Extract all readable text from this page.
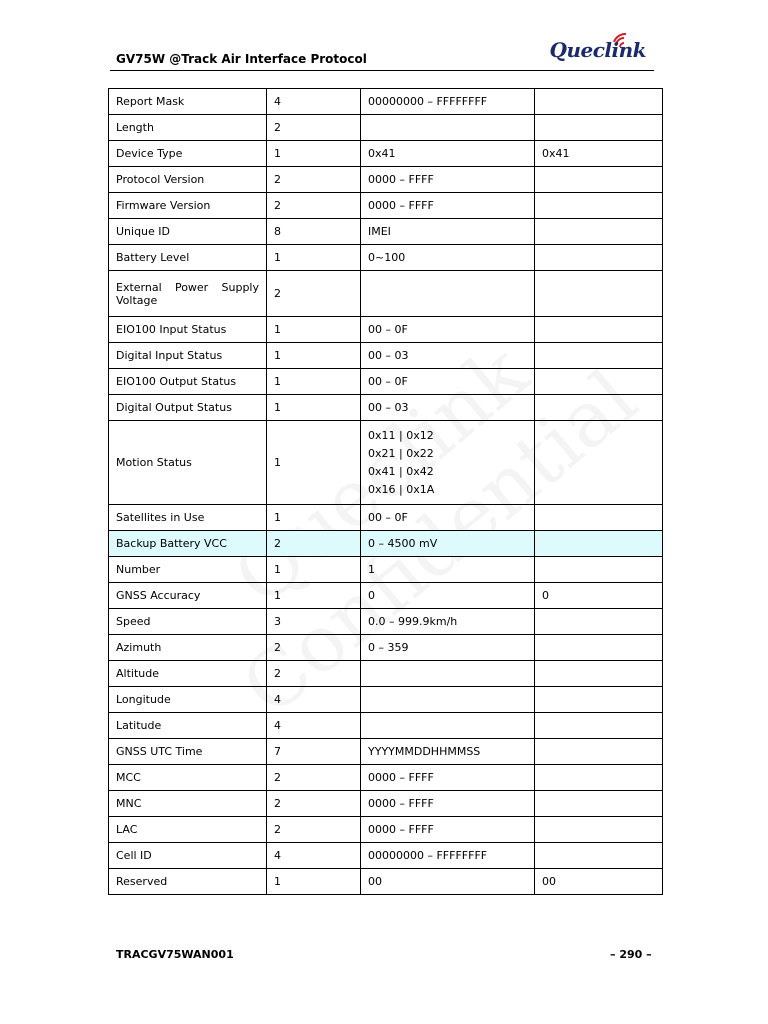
GV75W @Track Air Interface Protocol	Queclink
Report Mask	4	00000000 – FFFFFFFF	
Length	2		
Device Type	1	0x41	0x41
Protocol Version	2	0000 – FFFF	
Firmware Version	2	0000 – FFFF	
Unique ID	8	IMEI	
Battery Level	1	0~100	
External Power Supply Voltage	2		
EIO100 Input Status	1	00 – 0F	
Digital Input Status	1	00 – 03	
EIO100 Output Status	1	00 – 0F	
Digital Output Status	1	00 – 03	
Motion Status	1	0x11 | 0x12
0x21 | 0x22
0x41 | 0x42
0x16 | 0x1A	

Satellites in Use	1	00 – 0F	
Backup Battery VCC	2	0 – 4500 mV	
Number	1	1	
GNSS Accuracy	1	0	0
Speed	3	0.0 – 999.9km/h	
Azimuth	2	0 – 359	
Altitude	2		
Longitude	4		
Latitude	4		
GNSS UTC Time	7	YYYYMMDDHHMMSS	
MCC	2	0000 – FFFF	
MNC	2	0000 – FFFF	
LAC	2	0000 – FFFF	
Cell ID	4	00000000 – FFFFFFFF	
Reserved	1	00	00
TRACGV75WAN001	– 290 –
